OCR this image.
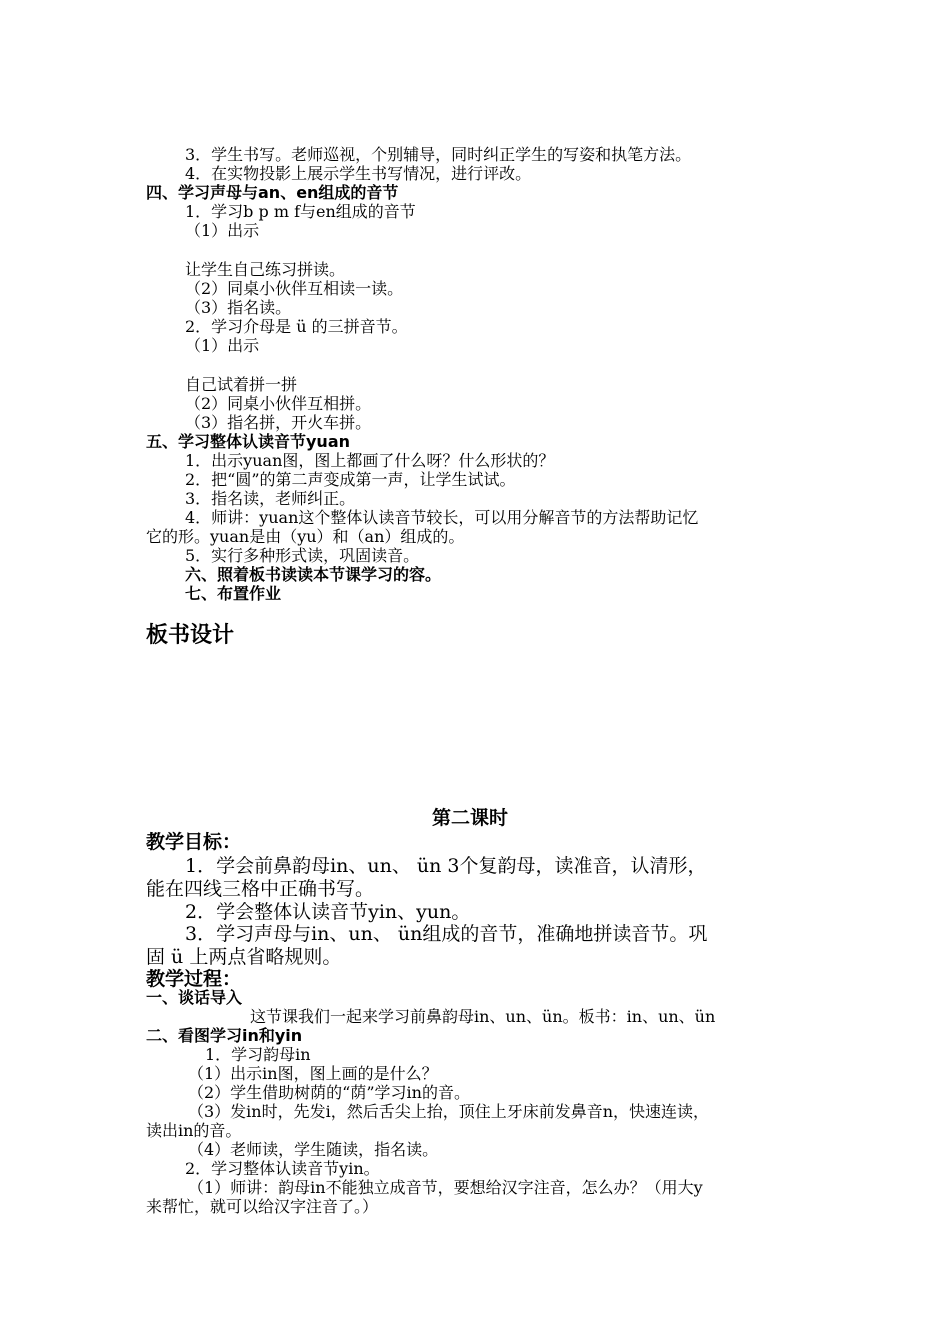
3．学生书写。老师巡视，个别辅导，同时纠正学生的写姿和执笔方法。
4．在实物投影上展示学生书写情况，进行评改。
四、学习声母与an、en组成的音节
1．学习b p m f与en组成的音节
（1）出示
让学生自己练习拼读。
（2）同桌小伙伴互相读一读。
（3）指名读。
2．学习介母是 ü 的三拼音节。
（1）出示
自己试着拼一拼
（2）同桌小伙伴互相拼。
（3）指名拼，开火车拼。
五、学习整体认读音节yuan
1．出示yuan图，图上都画了什么呀？什么形状的？
2．把“圆”的第二声变成第一声，让学生试试。
3．指名读，老师纠正。
4．师讲：yuan这个整体认读音节较长，可以用分解音节的方法帮助记忆
它的形。yuan是由（yu）和（an）组成的。
5．实行多种形式读，巩固读音。
六、照着板书读读本节课学习的容。
七、布置作业
板书设计
第二课时
教学目标：
1．学会前鼻韵母in、un、 ün 3个复韵母，读准音，认清形，
能在四线三格中正确书写。
2．学会整体认读音节yin、yun。
3．学习声母与in、un、 ün组成的音节，准确地拼读音节。巩
固 ü 上两点省略规则。
教学过程：
一、谈话导入
这节课我们一起来学习前鼻韵母in、un、ün。板书：in、un、ün
二、看图学习in和yin
1．学习韵母in
（1）出示in图，图上画的是什么？
（2）学生借助树荫的“荫”学习in的音。
（3）发in时，先发i，然后舌尖上抬，顶住上牙床前发鼻音n，快速连读，
读出in的音。
（4）老师读，学生随读，指名读。
2．学习整体认读音节yin。
（1）师讲：韵母in不能独立成音节，要想给汉字注音，怎么办？（用大y
来帮忙，就可以给汉字注音了。）
